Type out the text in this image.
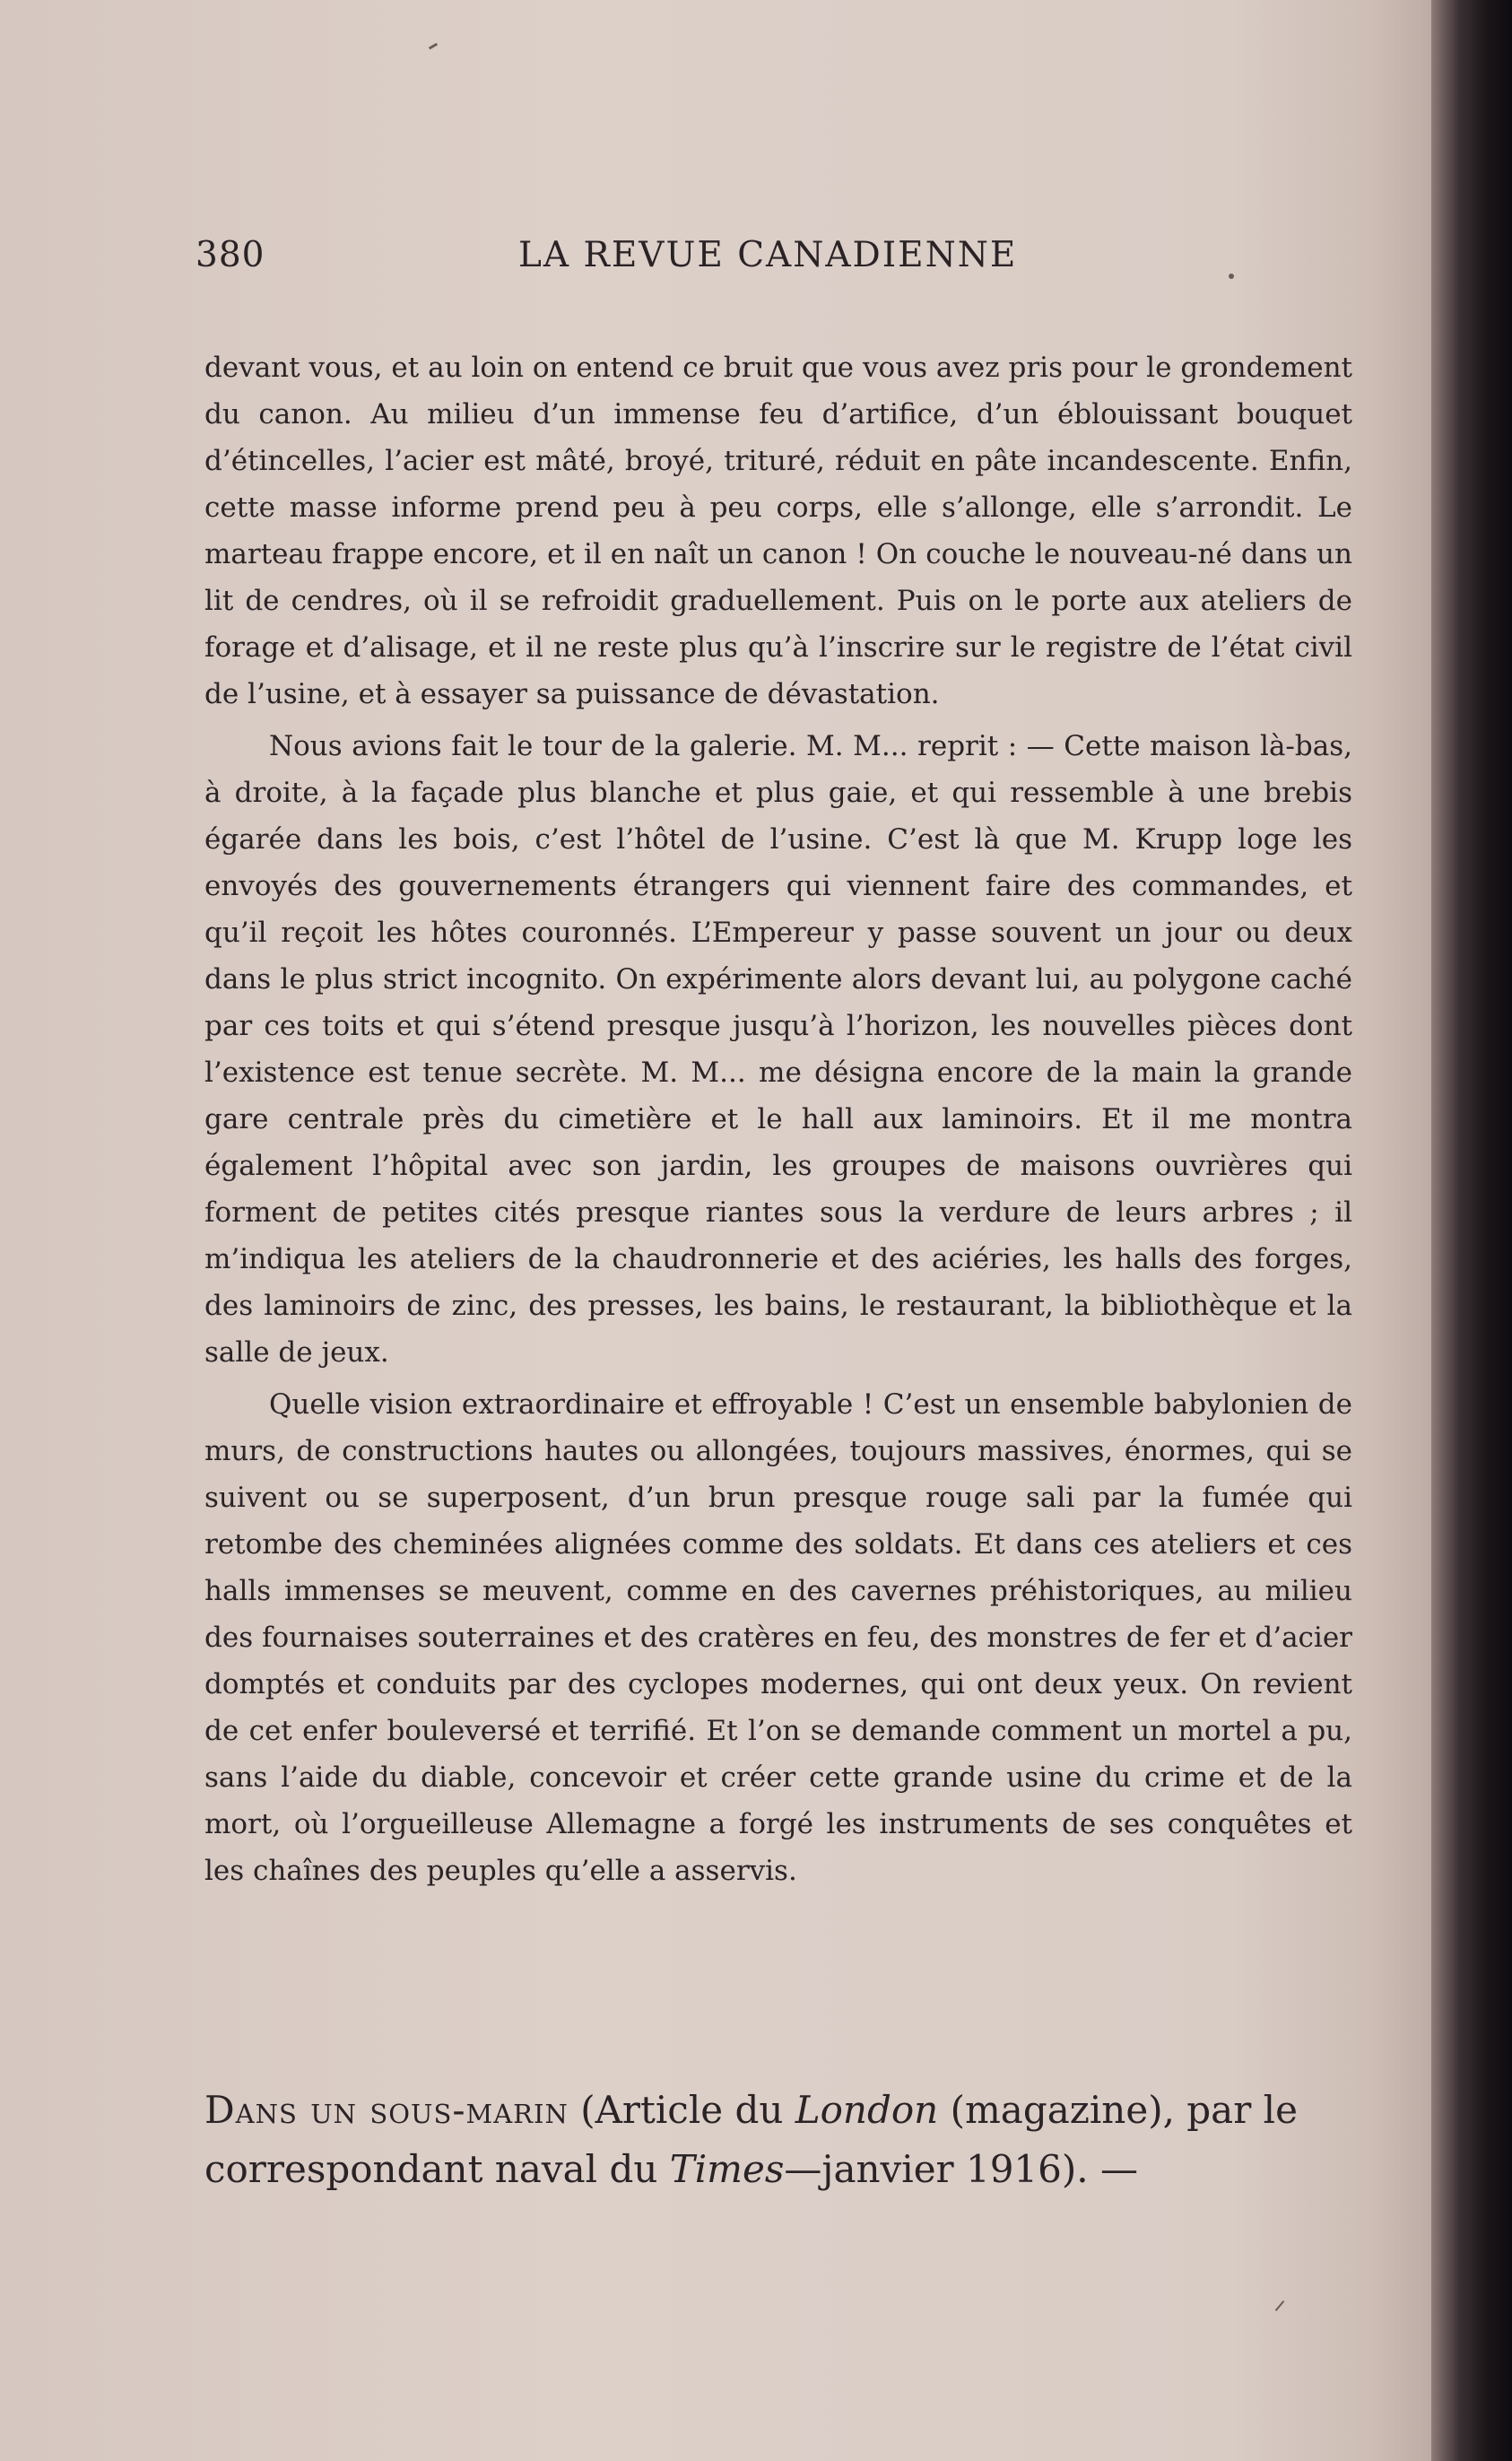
380	LA REVUE CANADIENNE

devant vous, et au loin on entend ce bruit que vous avez pris pour le grondement du canon. Au milieu d’un immense feu d’artifice, d’un éblouissant bouquet d’étincelles, l’acier est mâté, broyé, trituré, réduit en pâte incandescente. Enfin, cette masse informe prend peu à peu corps, elle s’allonge, elle s’arrondit. Le marteau frappe encore, et il en naît un canon ! On couche le nouveau-né dans un lit de cendres, où il se refroidit graduellement. Puis on le porte aux ateliers de forage et d’alisage, et il ne reste plus qu’à l’inscrire sur le registre de l’état civil de l’usine, et à essayer sa puissance de dévastation.

Nous avions fait le tour de la galerie. M. M... reprit : — Cette maison là-bas, à droite, à la façade plus blanche et plus gaie, et qui ressemble à une brebis égarée dans les bois, c’est l’hôtel de l’usine. C’est là que M. Krupp loge les envoyés des gouvernements étrangers qui viennent faire des commandes, et qu’il reçoit les hôtes couronnés. L’Empereur y passe souvent un jour ou deux dans le plus strict incognito. On expérimente alors devant lui, au polygone caché par ces toits et qui s’étend presque jusqu’à l’horizon, les nouvelles pièces dont l’existence est tenue secrète. M. M... me désigna encore de la main la grande gare centrale près du cimetière et le hall aux laminoirs. Et il me montra également l’hôpital avec son jardin, les groupes de maisons ouvrières qui forment de petites cités presque riantes sous la verdure de leurs arbres ; il m’indiqua les ateliers de la chaudronnerie et des aciéries, les halls des forges, des laminoirs de zinc, des presses, les bains, le restaurant, la bibliothèque et la salle de jeux.

Quelle vision extraordinaire et effroyable ! C’est un ensemble babylonien de murs, de constructions hautes ou allongées, toujours massives, énormes, qui se suivent ou se superposent, d’un brun presque rouge sali par la fumée qui retombe des cheminées alignées comme des soldats. Et dans ces ateliers et ces halls immenses se meuvent, comme en des cavernes préhistoriques, au milieu des fournaises souterraines et des cratères en feu, des monstres de fer et d’acier domptés et conduits par des cyclopes modernes, qui ont deux yeux. On revient de cet enfer bouleversé et terrifié. Et l’on se demande comment un mortel a pu, sans l’aide du diable, concevoir et créer cette grande usine du crime et de la mort, où l’orgueilleuse Allemagne a forgé les instruments de ses conquêtes et les chaînes des peuples qu’elle a asservis.

Dans un sous-marin (Article du London (magazine), par le correspondant naval du Times—janvier 1916). —
